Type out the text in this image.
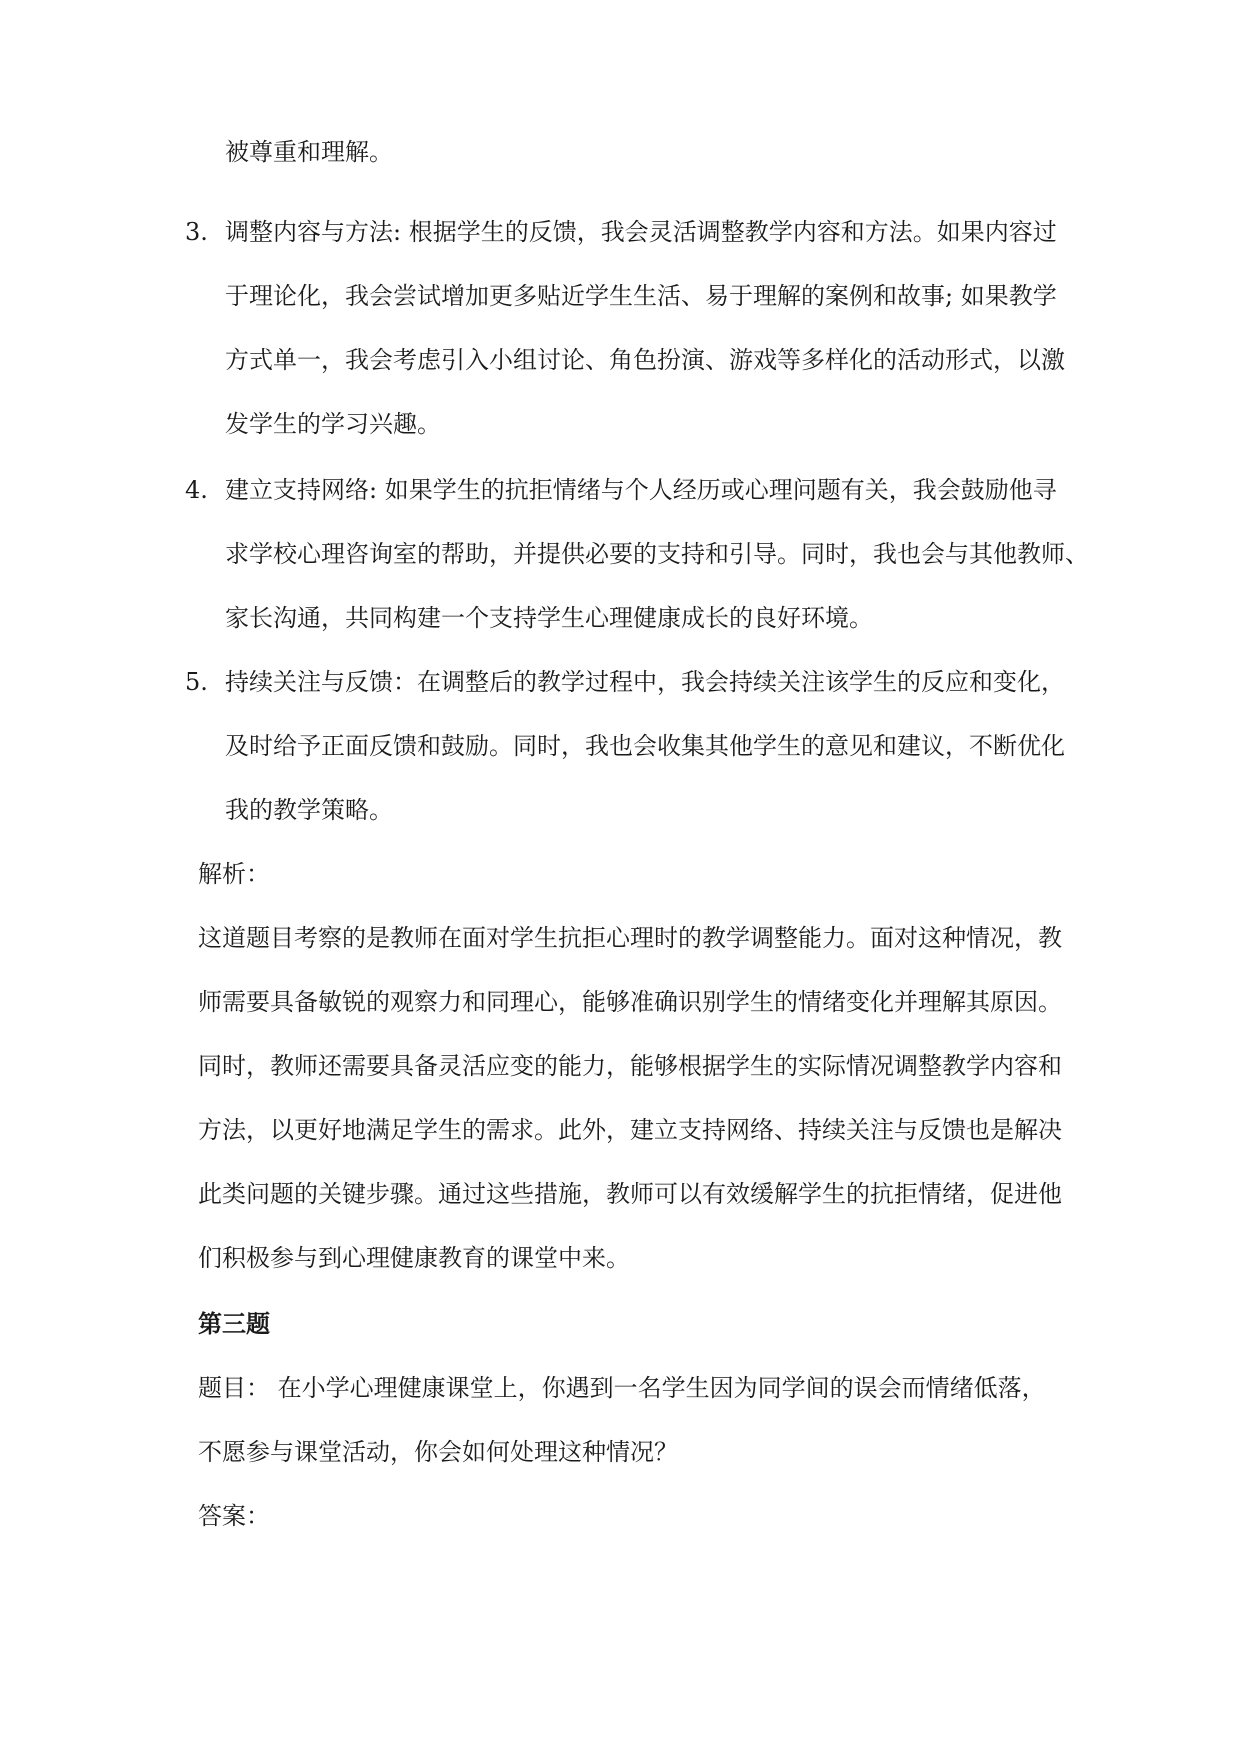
被尊重和理解。
3. 调整内容与方法: 根据学生的反馈，我会灵活调整教学内容和方法。如果内容过
于理论化，我会尝试增加更多贴近学生生活、易于理解的案例和故事; 如果教学
方式单一，我会考虑引入小组讨论、角色扮演、游戏等多样化的活动形式，以激
发学生的学习兴趣。
4. 建立支持网络: 如果学生的抗拒情绪与个人经历或心理问题有关，我会鼓励他寻
求学校心理咨询室的帮助，并提供必要的支持和引导。同时，我也会与其他教师、
家长沟通，共同构建一个支持学生心理健康成长的良好环境。
5. 持续关注与反馈：在调整后的教学过程中，我会持续关注该学生的反应和变化，
及时给予正面反馈和鼓励。同时，我也会收集其他学生的意见和建议，不断优化
我的教学策略。
解析：
这道题目考察的是教师在面对学生抗拒心理时的教学调整能力。面对这种情况，教
师需要具备敏锐的观察力和同理心，能够准确识别学生的情绪变化并理解其原因。
同时，教师还需要具备灵活应变的能力，能够根据学生的实际情况调整教学内容和
方法，以更好地满足学生的需求。此外，建立支持网络、持续关注与反馈也是解决
此类问题的关键步骤。通过这些措施，教师可以有效缓解学生的抗拒情绪，促进他
们积极参与到心理健康教育的课堂中来。
第三题
题目： 在小学心理健康课堂上，你遇到一名学生因为同学间的误会而情绪低落，
不愿参与课堂活动，你会如何处理这种情况？
答案：
